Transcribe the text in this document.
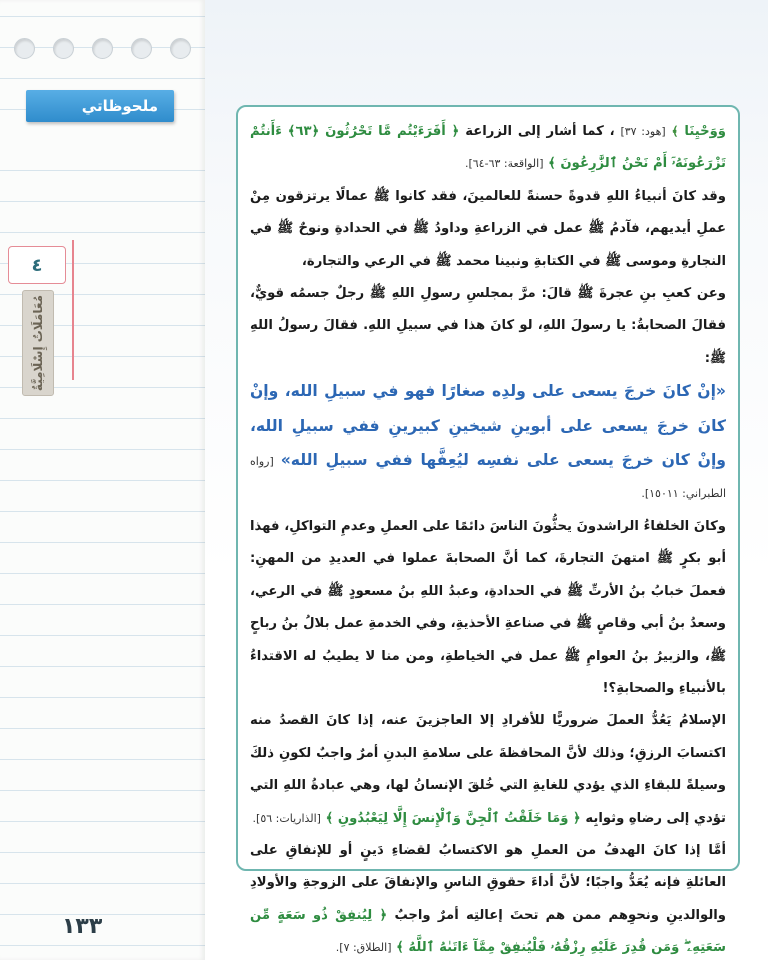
ملحوظاتي
٤
مُعَامَلَاتٌ إِسْلَامِيَّةٌ
١٣٣

وَوَحْيِنَا ﴾ [هود: ٣٧] ، كما أشار إلى الزراعة ﴿ أَفَرَءَيْتُم مَّا تَحْرُثُونَ ﴿٦٣﴾ ءَأَنتُمْ تَزْرَعُونَهُۥٓ أَمْ نَحْنُ ٱلزَّٰرِعُونَ ﴾ [الواقعة: ٦٣-٦٤].

وقد كانَ أنبياءُ اللهِ قدوةً حسنةً للعالمينَ، فقد كانوا ﷺ عمالًا يرتزقون مِنْ عملِ أيديهم، فآدمُ ﷺ عمل في الزراعةِ وداودُ ﷺ في الحدادةِ ونوحٌ ﷺ في النجارةِ وموسى ﷺ في الكتابةِ ونبينا محمد ﷺ في الرعي والتجارة،

وعن كعبِ بنِ عجرةَ ﷺ قالَ: مرَّ بمجلسِ رسولِ اللهِ ﷺ رجلٌ جسمُه قويٌّ، فقالَ الصحابةُ: يا رسولَ اللهِ، لو كانَ هذا في سبيلِ اللهِ. فقالَ رسولُ اللهِ ﷺ:

«إنْ كانَ خرجَ يسعى على ولدِه صغارًا فهو في سبيلِ الله، وإنْ كانَ خرجَ يسعى على أبوينِ شيخينِ كبيرينِ ففي سبيلِ الله، وإنْ كان خرجَ يسعى على نفسِه ليُعِفَّها ففي سبيلِ الله» [رواه الطبراني: ١٥٠١١].

وكانَ الخلفاءُ الراشدونَ يحثُّونَ الناسَ دائمًا على العملِ وعدمِ التواكلِ، فهذا أبو بكرٍ ﷺ امتهنَ التجارةَ، كما أنَّ الصحابةَ عملوا في العديدِ من المهنِ: فعملَ خبابُ بنُ الأرتِّ ﷺ في الحدادةِ، وعبدُ اللهِ بنُ مسعودٍ ﷺ في الرعي، وسعدُ بنُ أبي وقاصٍ ﷺ في صناعةِ الأحذيةِ، وفي الخدمةِ عمل بلالُ بنُ رباحٍ ﷺ، والزبيرُ بنُ العوامِ ﷺ عمل في الخياطةِ، ومن منا لا يطيبُ له الاقتداءُ بالأنبياءِ والصحابةِ؟!

الإسلامُ يَعُدُّ العملَ ضروريًّا للأفرادِ إلا العاجزينَ عنه، إذا كانَ القصدُ منه اكتسابَ الرزقِ؛ وذلك لأنَّ المحافظةَ على سلامةِ البدنِ أمرٌ واجبٌ لكونِ ذلكَ وسيلةً للبقاءِ الذي يؤدي للغايةِ التي خُلقَ الإنسانُ لها، وهي عبادةُ اللهِ التي تؤدي إلى رضاهِ وثوابِه ﴿ وَمَا خَلَقْتُ ٱلْجِنَّ وَٱلْإِنسَ إِلَّا لِيَعْبُدُونِ ﴾ [الذاريات: ٥٦].

أمَّا إذا كانَ الهدفُ من العملِ هو الاكتسابُ لقضاءِ دَينٍ أو للإنفاقِ على العائلةِ فإنه يُعَدُّ واجبًا؛ لأنَّ أداءَ حقوقِ الناسِ والإنفاقَ على الزوجةِ والأولادِ والوالدينِ ونحوِهم ممن هم تحتَ إعالتِه أمرٌ واجبٌ ﴿ لِيُنفِقْ ذُو سَعَةٍ مِّن سَعَتِهِۦ ۖ وَمَن قُدِرَ عَلَيْهِ رِزْقُهُۥ فَلْيُنفِقْ مِمَّآ ءَاتَىٰهُ ٱللَّهُ ﴾ [الطلاق: ٧].
